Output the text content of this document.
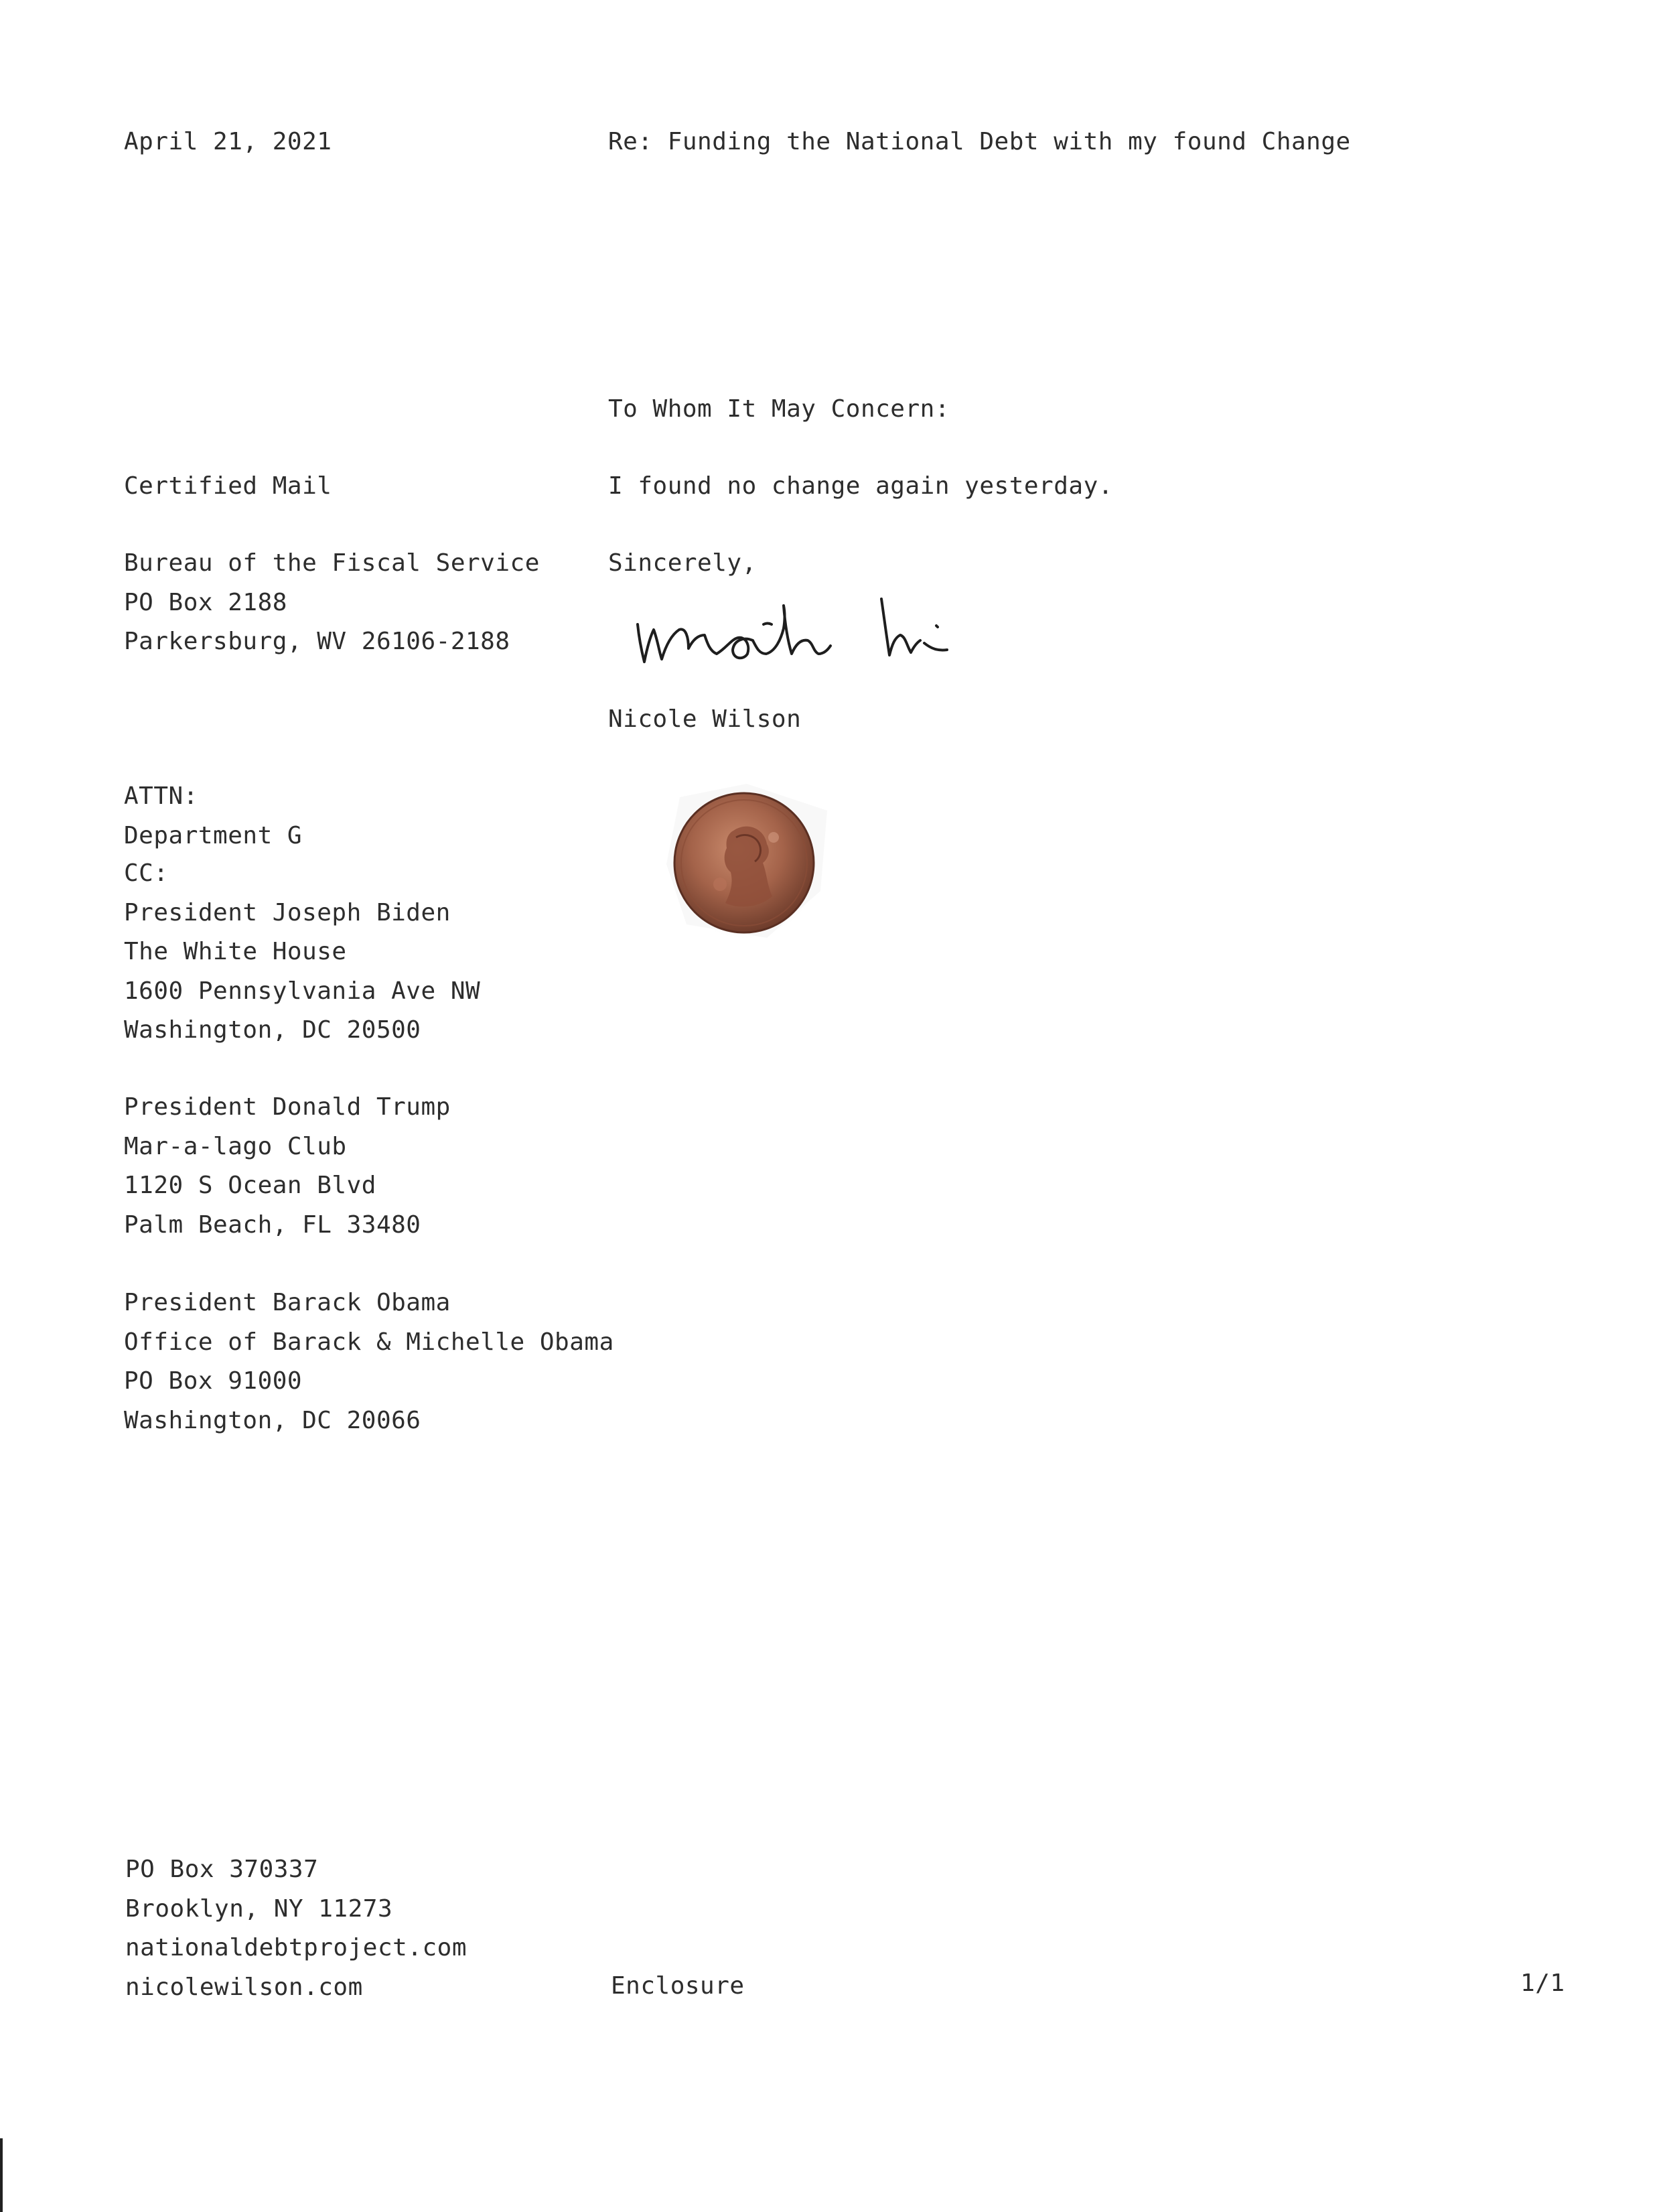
April 21, 2021	Re: Funding the National Debt with my found Change
To Whom It May Concern:
Certified Mail	I found no change again yesterday.
Bureau of the Fiscal Service
PO Box 2188
Parkersburg, WV 26106-2188
Sincerely,
Nicole Wilson
ATTN:
Department G
CC:
President Joseph Biden
The White House
1600 Pennsylvania Ave NW
Washington, DC 20500
President Donald Trump
Mar-a-lago Club
1120 S Ocean Blvd
Palm Beach, FL 33480
President Barack Obama
Office of Barack & Michelle Obama
PO Box 91000
Washington, DC 20066
PO Box 370337
Brooklyn, NY 11273
nationaldebtproject.com
nicolewilson.com	Enclosure	1/1
